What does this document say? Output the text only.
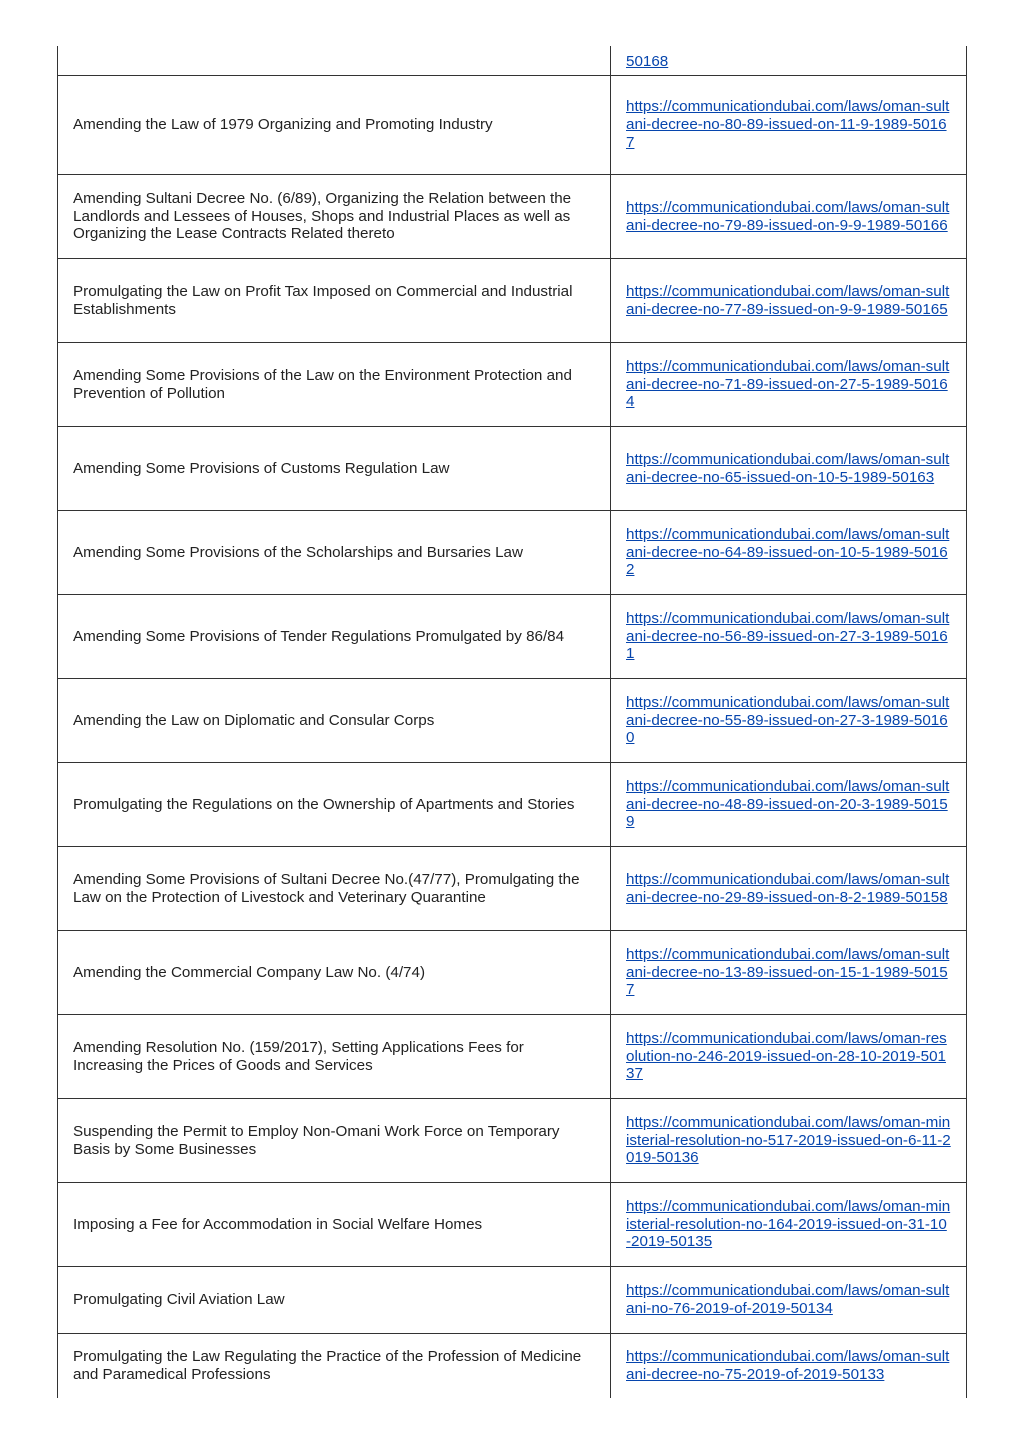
	50168
Amending the Law of 1979 Organizing and Promoting Industry	https://communicationdubai.com/laws/oman-sultani-decree-no-80-89-issued-on-11-9-1989-50167
Amending Sultani Decree No. (6/89), Organizing the Relation between the Landlords and Lessees of Houses, Shops and Industrial Places as well as Organizing the Lease Contracts Related thereto	https://communicationdubai.com/laws/oman-sultani-decree-no-79-89-issued-on-9-9-1989-50166
Promulgating the Law on Profit Tax Imposed on Commercial and Industrial Establishments	https://communicationdubai.com/laws/oman-sultani-decree-no-77-89-issued-on-9-9-1989-50165
Amending Some Provisions of the Law on the Environment Protection and Prevention of Pollution	https://communicationdubai.com/laws/oman-sultani-decree-no-71-89-issued-on-27-5-1989-50164
Amending Some Provisions of Customs Regulation Law	https://communicationdubai.com/laws/oman-sultani-decree-no-65-issued-on-10-5-1989-50163
Amending Some Provisions of the Scholarships and Bursaries Law	https://communicationdubai.com/laws/oman-sultani-decree-no-64-89-issued-on-10-5-1989-50162
Amending Some Provisions of Tender Regulations Promulgated by 86/84	https://communicationdubai.com/laws/oman-sultani-decree-no-56-89-issued-on-27-3-1989-50161
Amending the Law on Diplomatic and Consular Corps	https://communicationdubai.com/laws/oman-sultani-decree-no-55-89-issued-on-27-3-1989-50160
Promulgating the Regulations on the Ownership of Apartments and Stories	https://communicationdubai.com/laws/oman-sultani-decree-no-48-89-issued-on-20-3-1989-50159
Amending Some Provisions of Sultani Decree No.(47/77), Promulgating the Law on the Protection of Livestock and Veterinary Quarantine	https://communicationdubai.com/laws/oman-sultani-decree-no-29-89-issued-on-8-2-1989-50158
Amending the Commercial Company Law No. (4/74)	https://communicationdubai.com/laws/oman-sultani-decree-no-13-89-issued-on-15-1-1989-50157
Amending Resolution No. (159/2017), Setting Applications Fees for Increasing the Prices of Goods and Services	https://communicationdubai.com/laws/oman-resolution-no-246-2019-issued-on-28-10-2019-50137
Suspending the Permit to Employ Non-Omani Work Force on Temporary Basis by Some Businesses	https://communicationdubai.com/laws/oman-ministerial-resolution-no-517-2019-issued-on-6-11-2019-50136
Imposing a Fee for Accommodation in Social Welfare Homes	https://communicationdubai.com/laws/oman-ministerial-resolution-no-164-2019-issued-on-31-10-2019-50135
Promulgating Civil Aviation Law	https://communicationdubai.com/laws/oman-sultani-no-76-2019-of-2019-50134
Promulgating the Law Regulating the Practice of the Profession of Medicine and Paramedical Professions	https://communicationdubai.com/laws/oman-sultani-decree-no-75-2019-of-2019-50133
